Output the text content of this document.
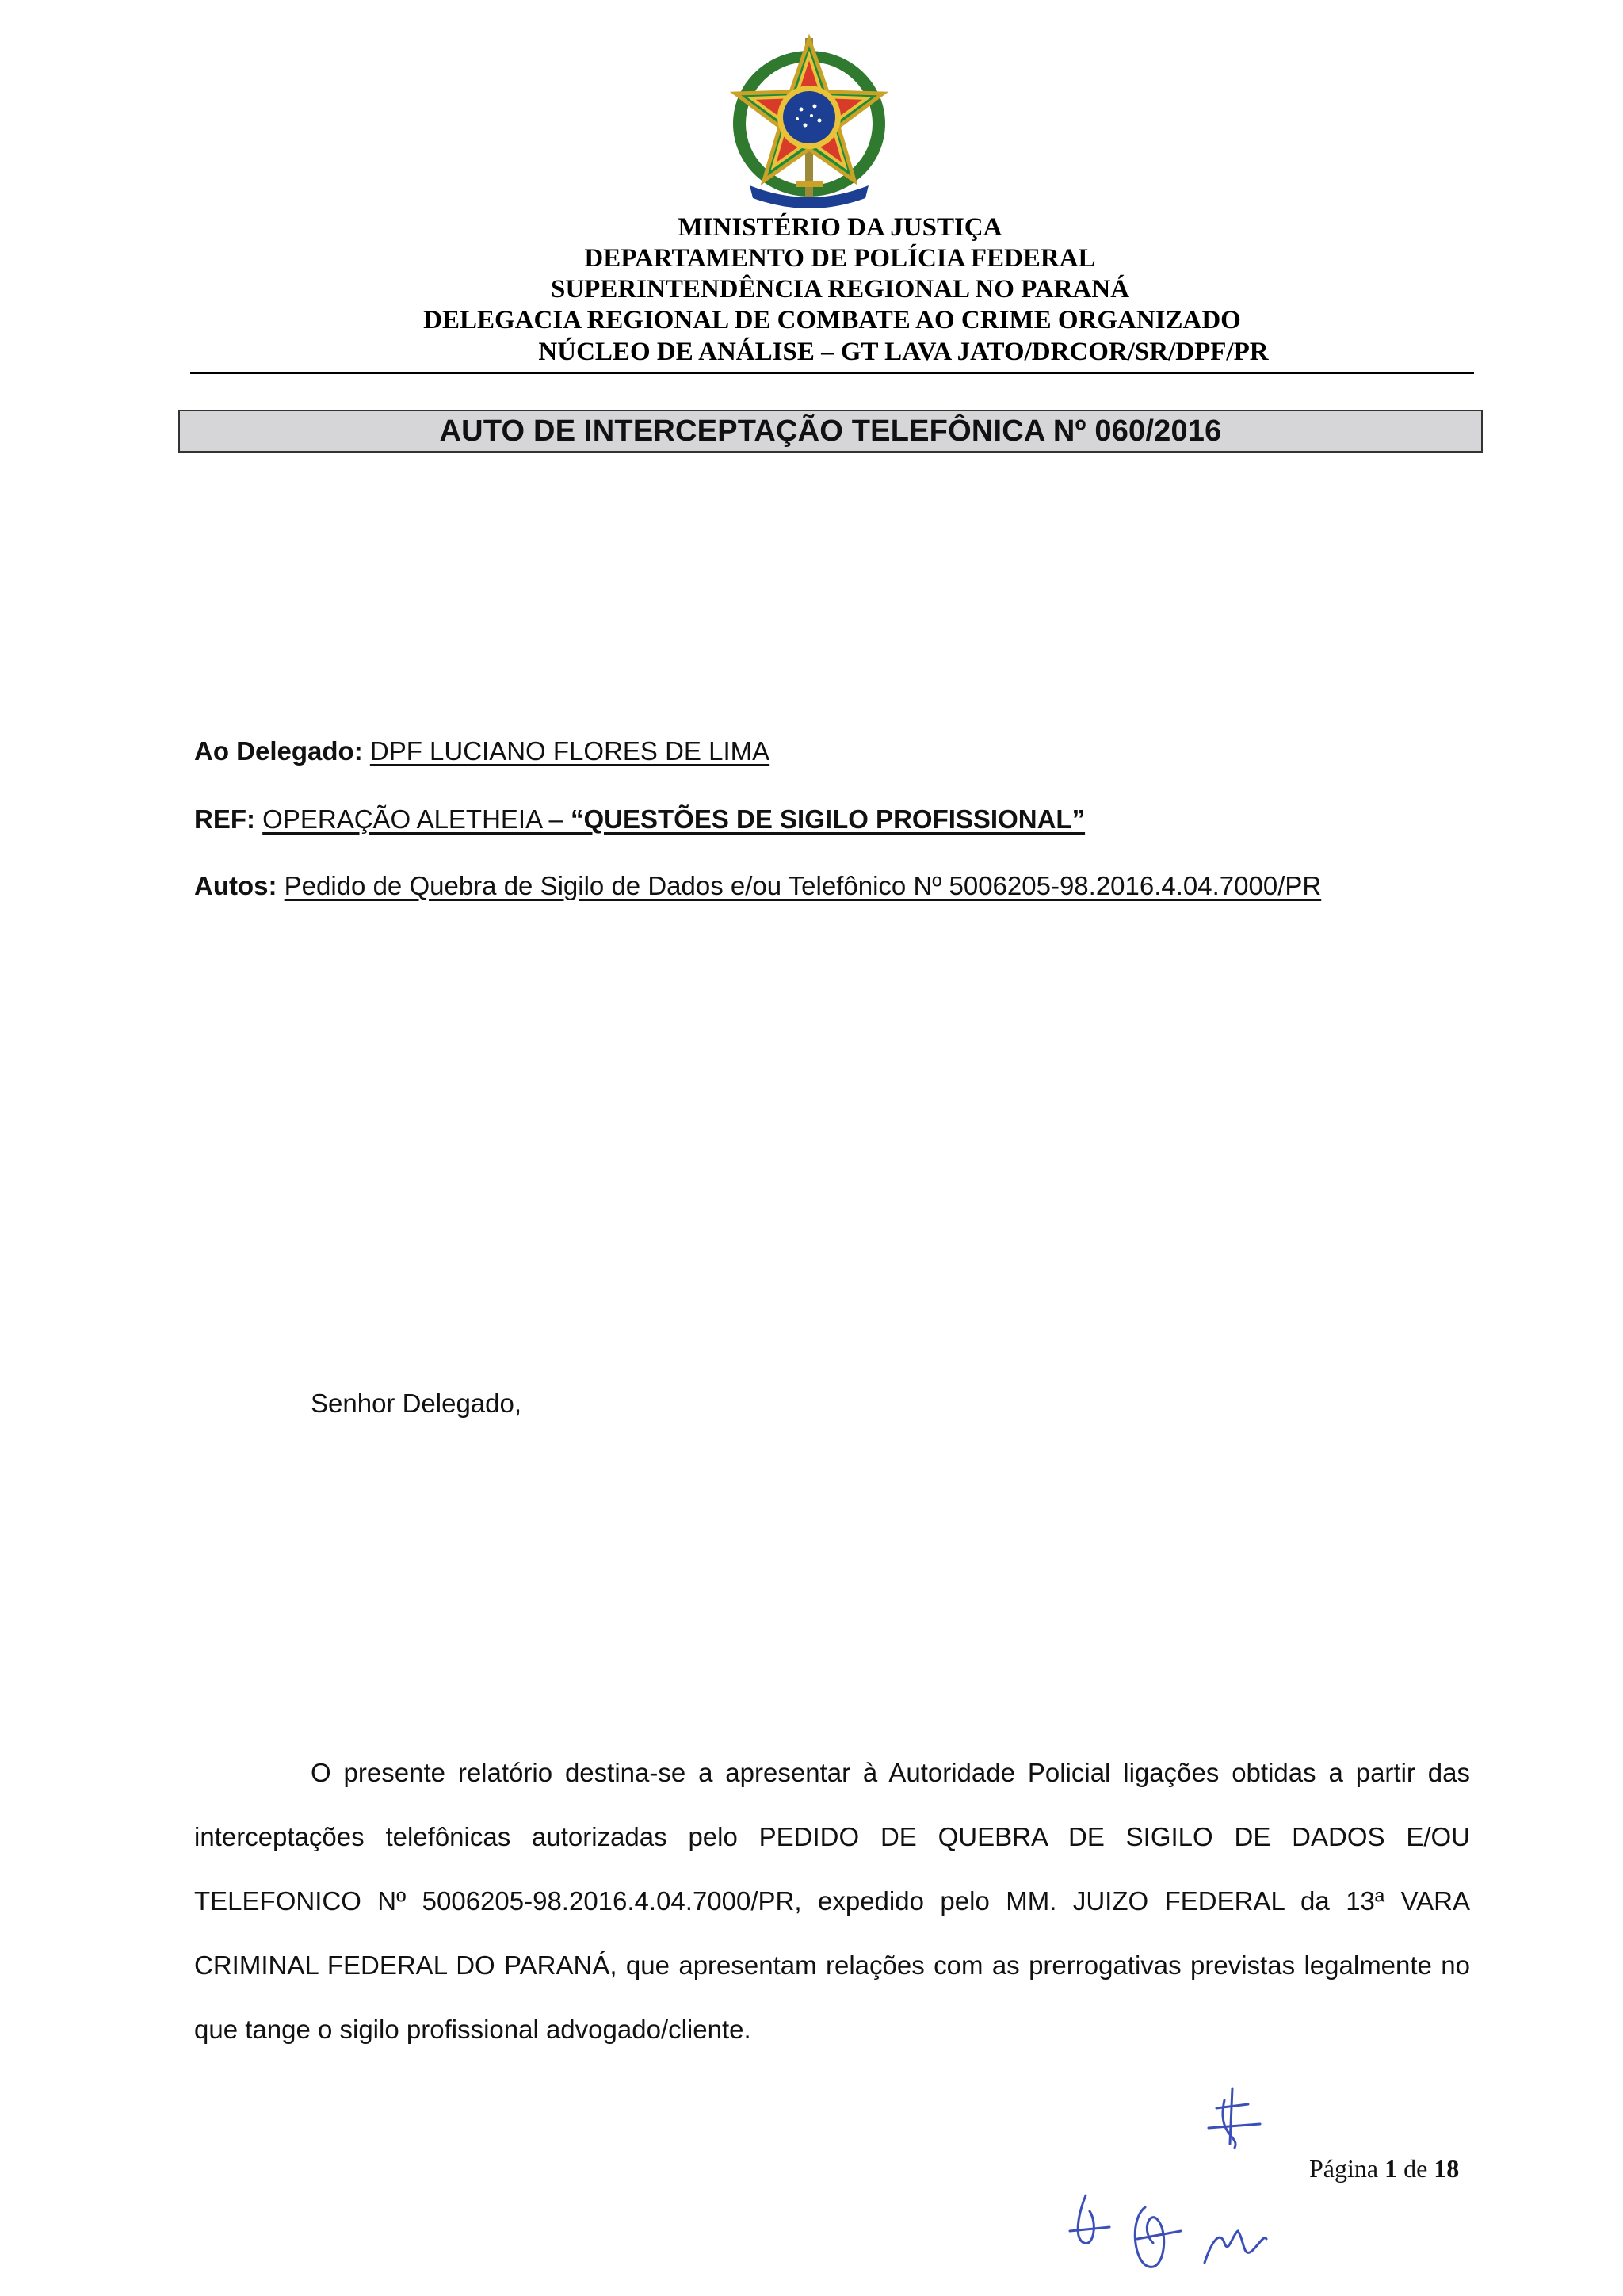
MINISTÉRIO DA JUSTIÇA
DEPARTAMENTO DE POLÍCIA FEDERAL
SUPERINTENDÊNCIA REGIONAL NO PARANÁ
DELEGACIA REGIONAL DE COMBATE AO CRIME ORGANIZADO
NÚCLEO DE ANÁLISE – GT LAVA JATO/DRCOR/SR/DPF/PR
AUTO DE INTERCEPTAÇÃO TELEFÔNICA Nº 060/2016
Ao Delegado: DPF LUCIANO FLORES DE LIMA
REF: OPERAÇÃO ALETHEIA – “QUESTÕES DE SIGILO PROFISSIONAL”
Autos: Pedido de Quebra de Sigilo de Dados e/ou Telefônico Nº 5006205-98.2016.4.04.7000/PR
Senhor Delegado,

O presente relatório destina-se a apresentar à Autoridade Policial ligações obtidas a partir das interceptações telefônicas autorizadas pelo PEDIDO DE QUEBRA DE SIGILO DE DADOS E/OU TELEFONICO Nº 5006205-98.2016.4.04.7000/PR, expedido pelo MM. JUIZO FEDERAL da 13ª VARA CRIMINAL FEDERAL DO PARANÁ, que apresentam relações com as prerrogativas previstas legalmente no que tange o sigilo profissional advogado/cliente.

Página 1 de 18
